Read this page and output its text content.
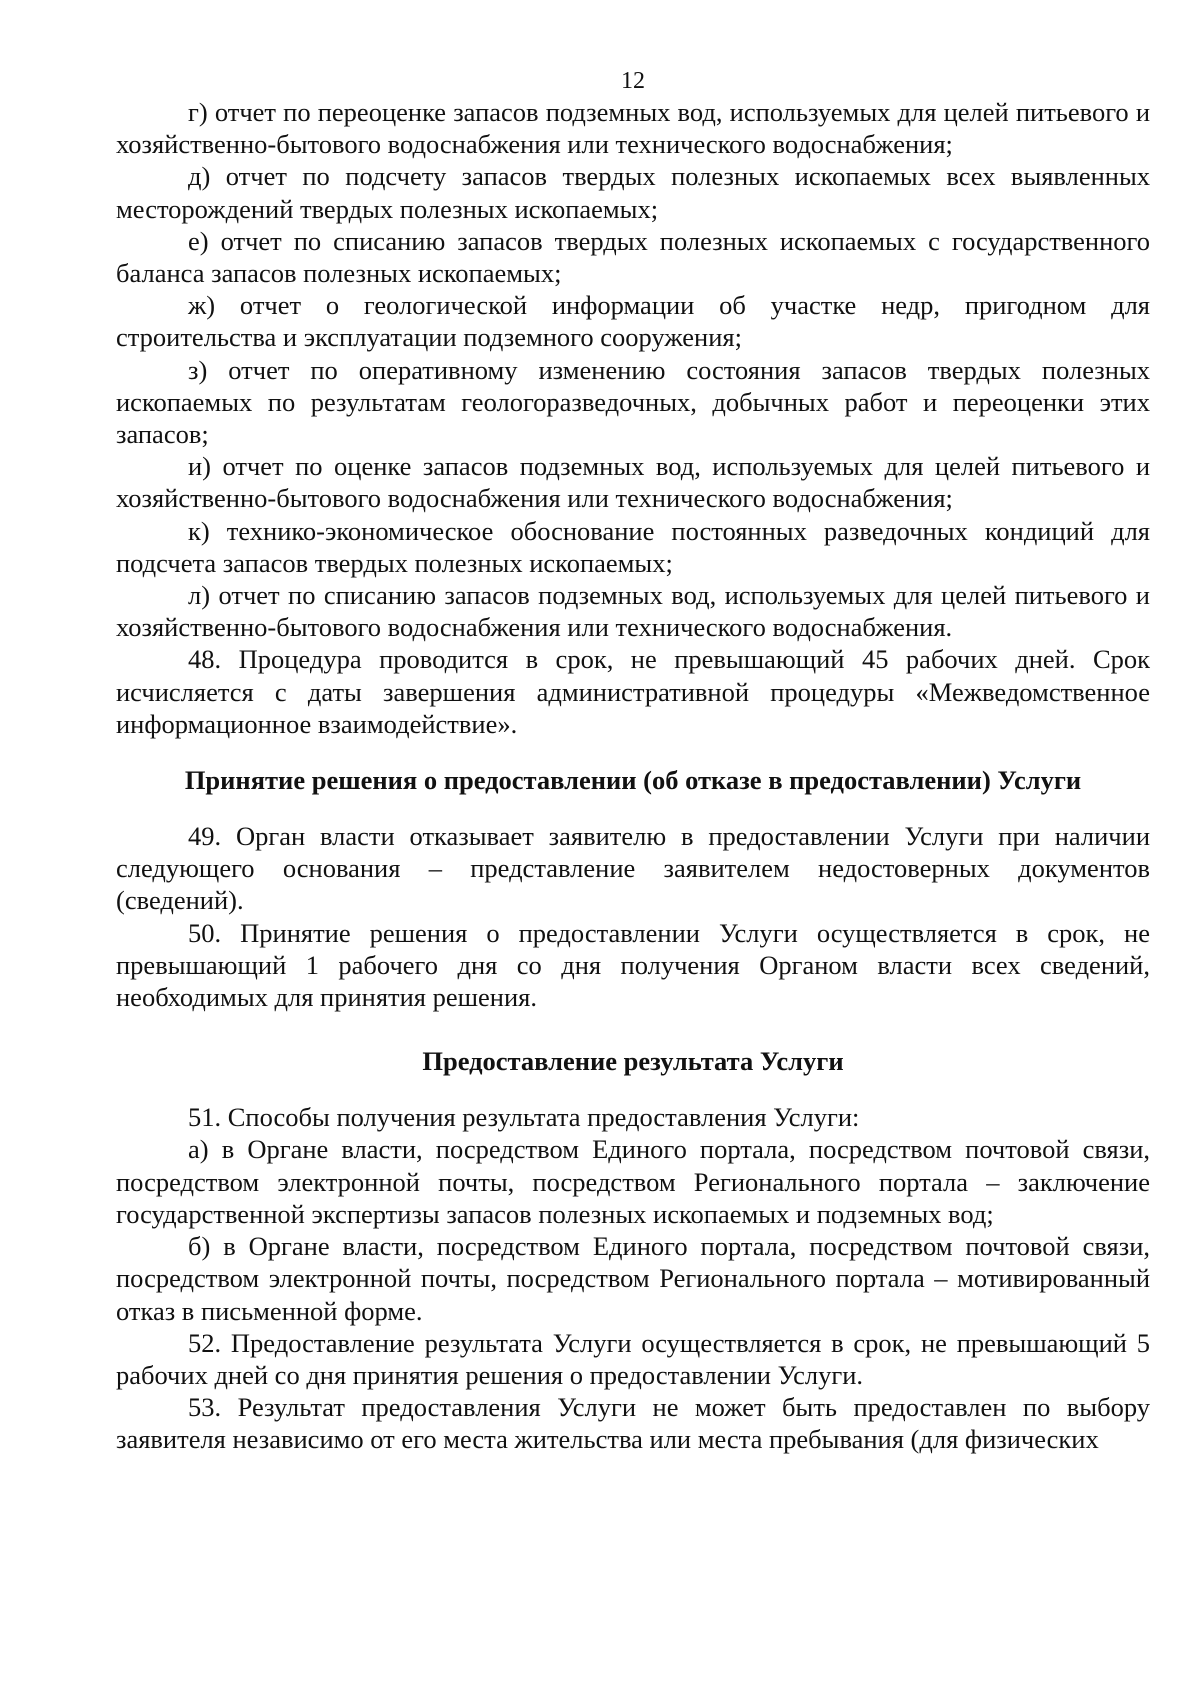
12

г) отчет по переоценке запасов подземных вод, используемых для целей питьевого и хозяйственно-бытового водоснабжения или технического водоснабжения;

д) отчет по подсчету запасов твердых полезных ископаемых всех выявленных месторождений твердых полезных ископаемых;

е) отчет по списанию запасов твердых полезных ископаемых с государственного баланса запасов полезных ископаемых;

ж) отчет о геологической информации об участке недр, пригодном для строительства и эксплуатации подземного сооружения;

з) отчет по оперативному изменению состояния запасов твердых полезных ископаемых по результатам геологоразведочных, добычных работ и переоценки этих запасов;

и) отчет по оценке запасов подземных вод, используемых для целей питьевого и хозяйственно-бытового водоснабжения или технического водоснабжения;

к) технико-экономическое обоснование постоянных разведочных кондиций для подсчета запасов твердых полезных ископаемых;

л) отчет по списанию запасов подземных вод, используемых для целей питьевого и хозяйственно-бытового водоснабжения или технического водоснабжения.

48. Процедура проводится в срок, не превышающий 45 рабочих дней. Срок исчисляется с даты завершения административной процедуры «Межведомственное информационное взаимодействие».

Принятие решения о предоставлении (об отказе в предоставлении) Услуги

49. Орган власти отказывает заявителю в предоставлении Услуги при наличии следующего основания – представление заявителем недостоверных документов (сведений).

50. Принятие решения о предоставлении Услуги осуществляется в срок, не превышающий 1 рабочего дня со дня получения Органом власти всех сведений, необходимых для принятия решения.

Предоставление результата Услуги

51. Способы получения результата предоставления Услуги:

а) в Органе власти, посредством Единого портала, посредством почтовой связи, посредством электронной почты, посредством Регионального портала – заключение государственной экспертизы запасов полезных ископаемых и подземных вод;

б) в Органе власти, посредством Единого портала, посредством почтовой связи, посредством электронной почты, посредством Регионального портала – мотивированный отказ в письменной форме.

52. Предоставление результата Услуги осуществляется в срок, не превышающий 5 рабочих дней со дня принятия решения о предоставлении Услуги.

53. Результат предоставления Услуги не может быть предоставлен по выбору заявителя независимо от его места жительства или места пребывания (для физических
